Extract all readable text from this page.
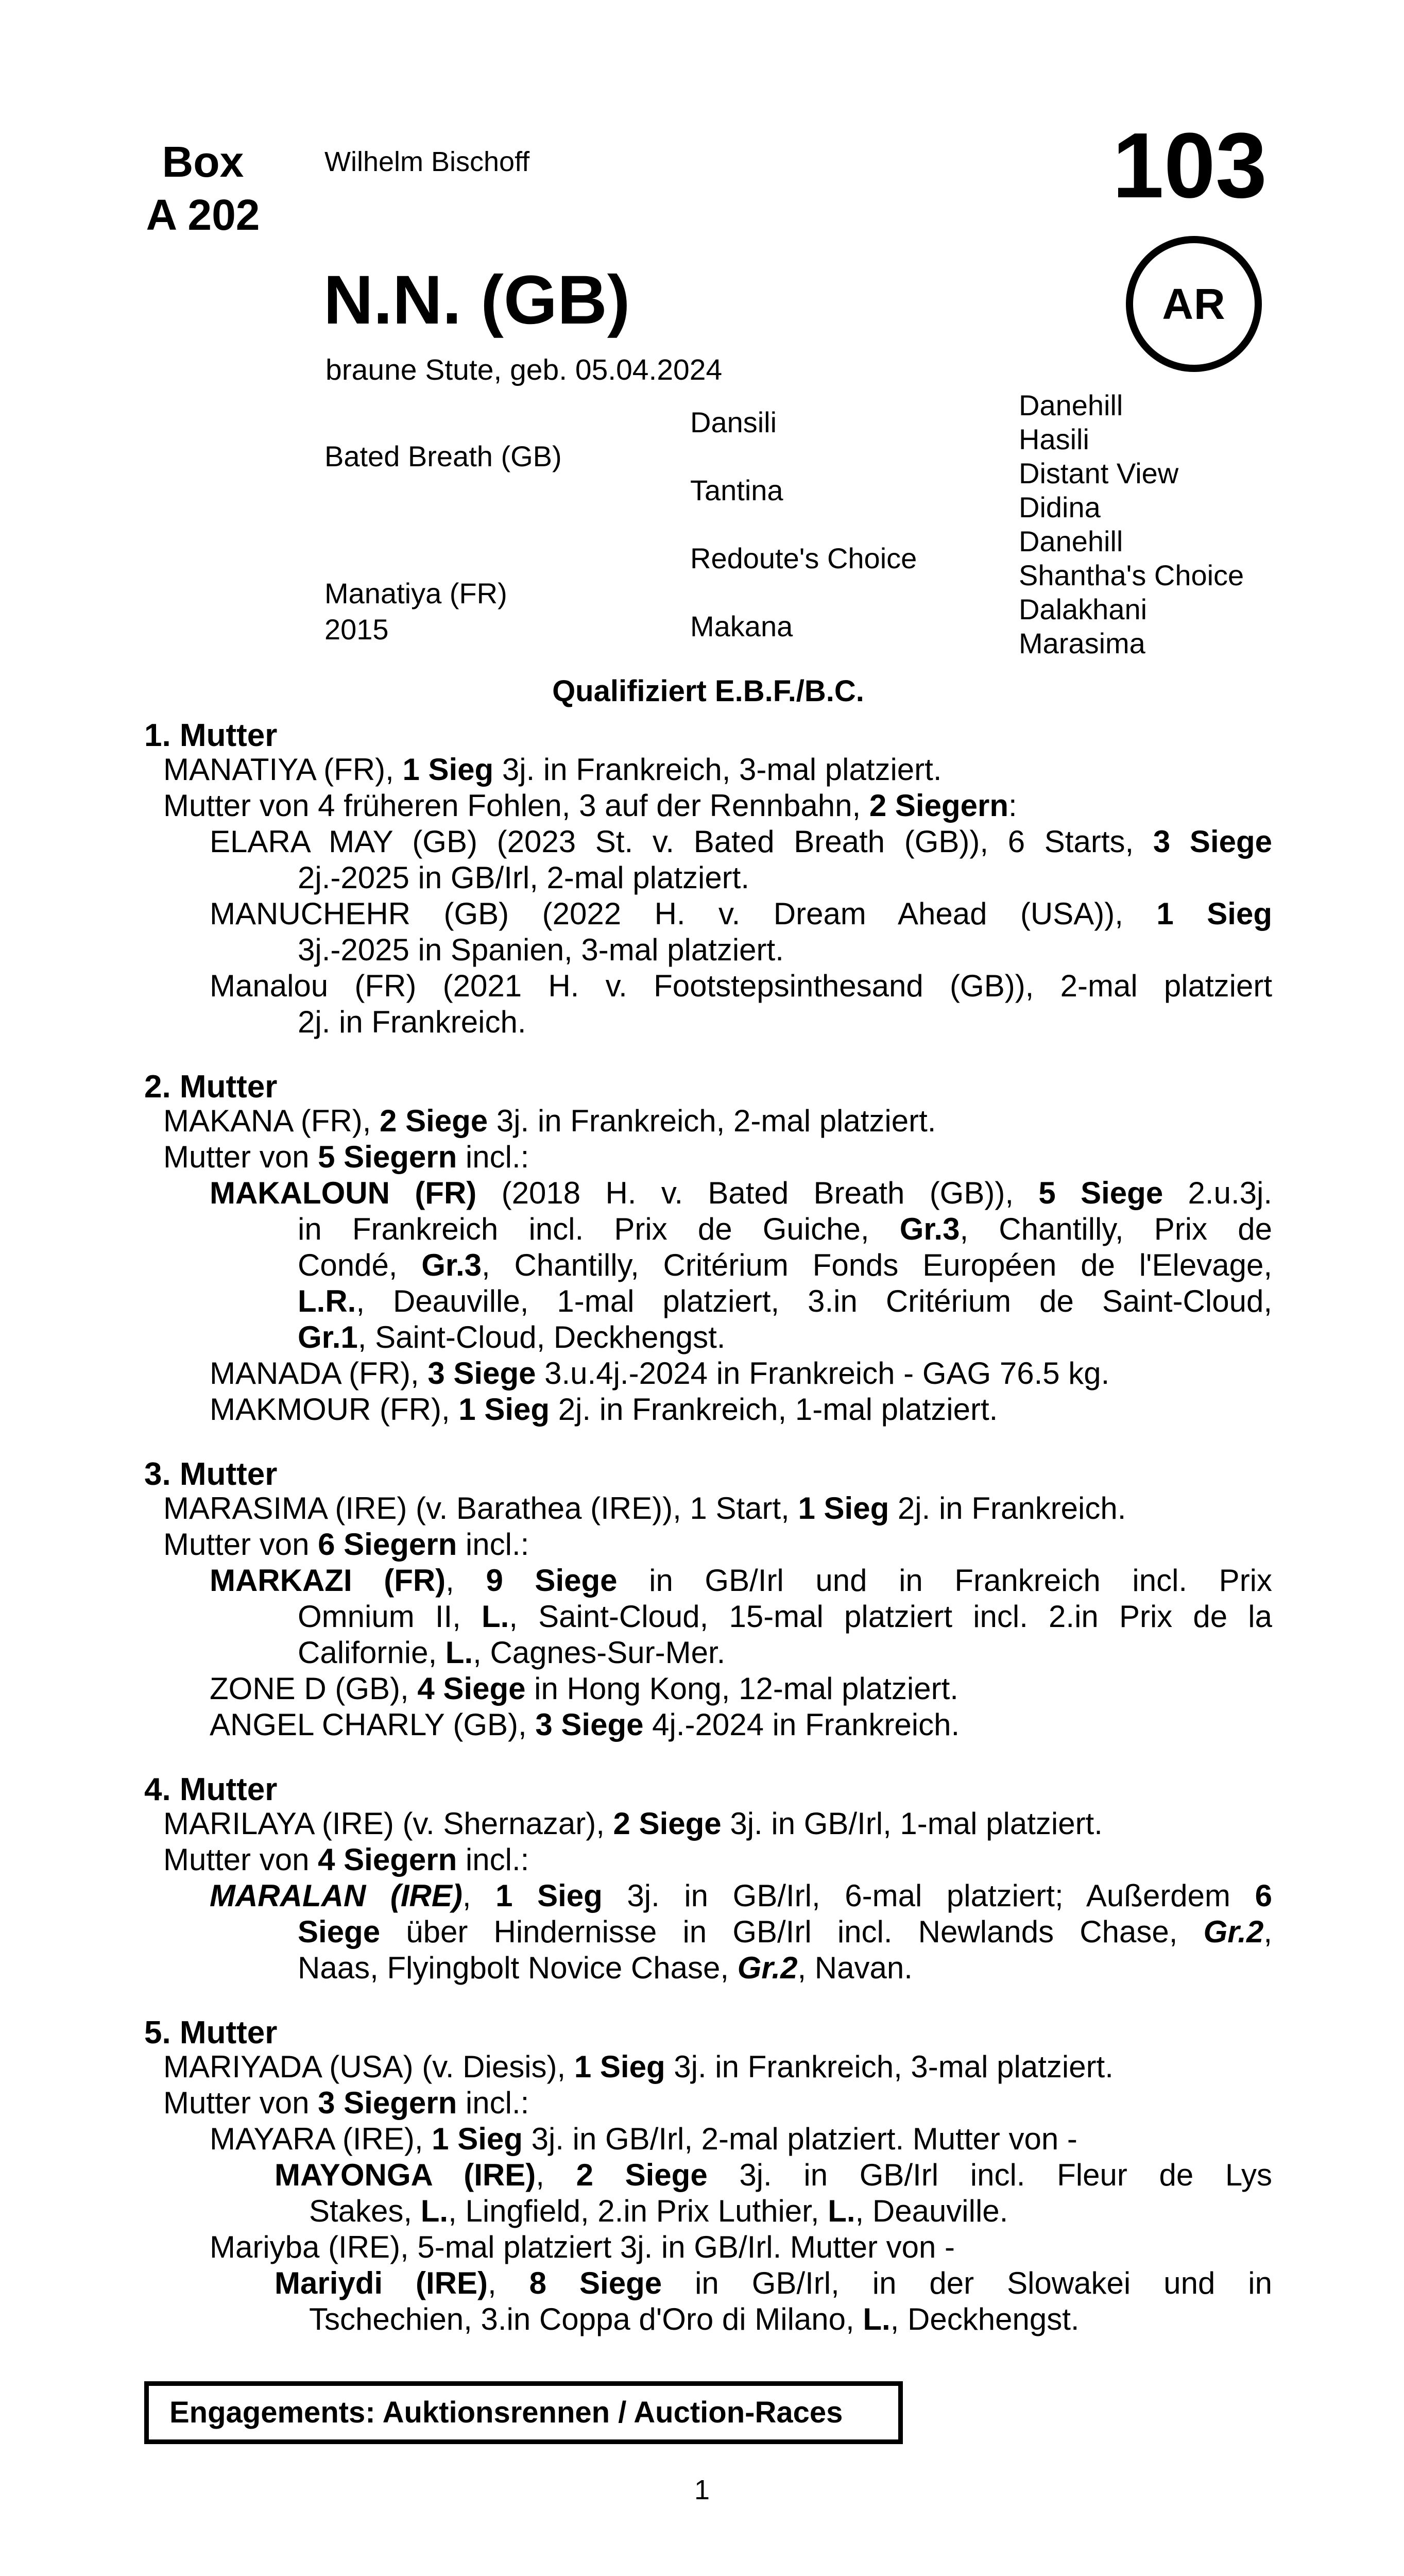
Box
A 202
Wilhelm Bischoff	103
AR
N.N. (GB)
braune Stute, geb. 05.04.2024
Danehill
Hasili
Distant View
Didina
Danehill
Shantha's Choice
Dalakhani
Marasima
Dansili
Tantina
Redoute's Choice
Makana
Bated Breath (GB)
Manatiya (FR)
2015
Qualifiziert E.B.F./B.C.
1. Mutter
MANATIYA (FR), 1 Sieg 3j. in Frankreich, 3-mal platziert.
Mutter von 4 früheren Fohlen, 3 auf der Rennbahn, 2 Siegern:
ELARA MAY (GB) (2023 St. v. Bated Breath (GB)), 6 Starts, 3 Siege
2j.-2025 in GB/Irl, 2-mal platziert.
MANUCHEHR (GB) (2022 H. v. Dream Ahead (USA)), 1 Sieg
3j.-2025 in Spanien, 3-mal platziert.
Manalou (FR) (2021 H. v. Footstepsinthesand (GB)), 2-mal platziert
2j. in Frankreich.
2. Mutter
MAKANA (FR), 2 Siege 3j. in Frankreich, 2-mal platziert.
Mutter von 5 Siegern incl.:
MAKALOUN (FR) (2018 H. v. Bated Breath (GB)), 5 Siege 2.u.3j.
in Frankreich incl. Prix de Guiche, Gr.3, Chantilly, Prix de
Condé, Gr.3, Chantilly, Critérium Fonds Européen de l'Elevage,
L.R., Deauville, 1-mal platziert, 3.in Critérium de Saint-Cloud,
Gr.1, Saint-Cloud, Deckhengst.
MANADA (FR), 3 Siege 3.u.4j.-2024 in Frankreich - GAG 76.5 kg.
MAKMOUR (FR), 1 Sieg 2j. in Frankreich, 1-mal platziert.
3. Mutter
MARASIMA (IRE) (v. Barathea (IRE)), 1 Start, 1 Sieg 2j. in Frankreich.
Mutter von 6 Siegern incl.:
MARKAZI (FR), 9 Siege in GB/Irl und in Frankreich incl. Prix
Omnium II, L., Saint-Cloud, 15-mal platziert incl. 2.in Prix de la
Californie, L., Cagnes-Sur-Mer.
ZONE D (GB), 4 Siege in Hong Kong, 12-mal platziert.
ANGEL CHARLY (GB), 3 Siege 4j.-2024 in Frankreich.
4. Mutter
MARILAYA (IRE) (v. Shernazar), 2 Siege 3j. in GB/Irl, 1-mal platziert.
Mutter von 4 Siegern incl.:
MARALAN (IRE), 1 Sieg 3j. in GB/Irl, 6-mal platziert; Außerdem 6
Siege über Hindernisse in GB/Irl incl. Newlands Chase, Gr.2,
Naas, Flyingbolt Novice Chase, Gr.2, Navan.
5. Mutter
MARIYADA (USA) (v. Diesis), 1 Sieg 3j. in Frankreich, 3-mal platziert.
Mutter von 3 Siegern incl.:
MAYARA (IRE), 1 Sieg 3j. in GB/Irl, 2-mal platziert. Mutter von -
MAYONGA (IRE), 2 Siege 3j. in GB/Irl incl. Fleur de Lys
Stakes, L., Lingfield, 2.in Prix Luthier, L., Deauville.
Mariyba (IRE), 5-mal platziert 3j. in GB/Irl. Mutter von -
Mariydi (IRE), 8 Siege in GB/Irl, in der Slowakei und in
Tschechien, 3.in Coppa d'Oro di Milano, L., Deckhengst.
Engagements: Auktionsrennen / Auction-Races
1
